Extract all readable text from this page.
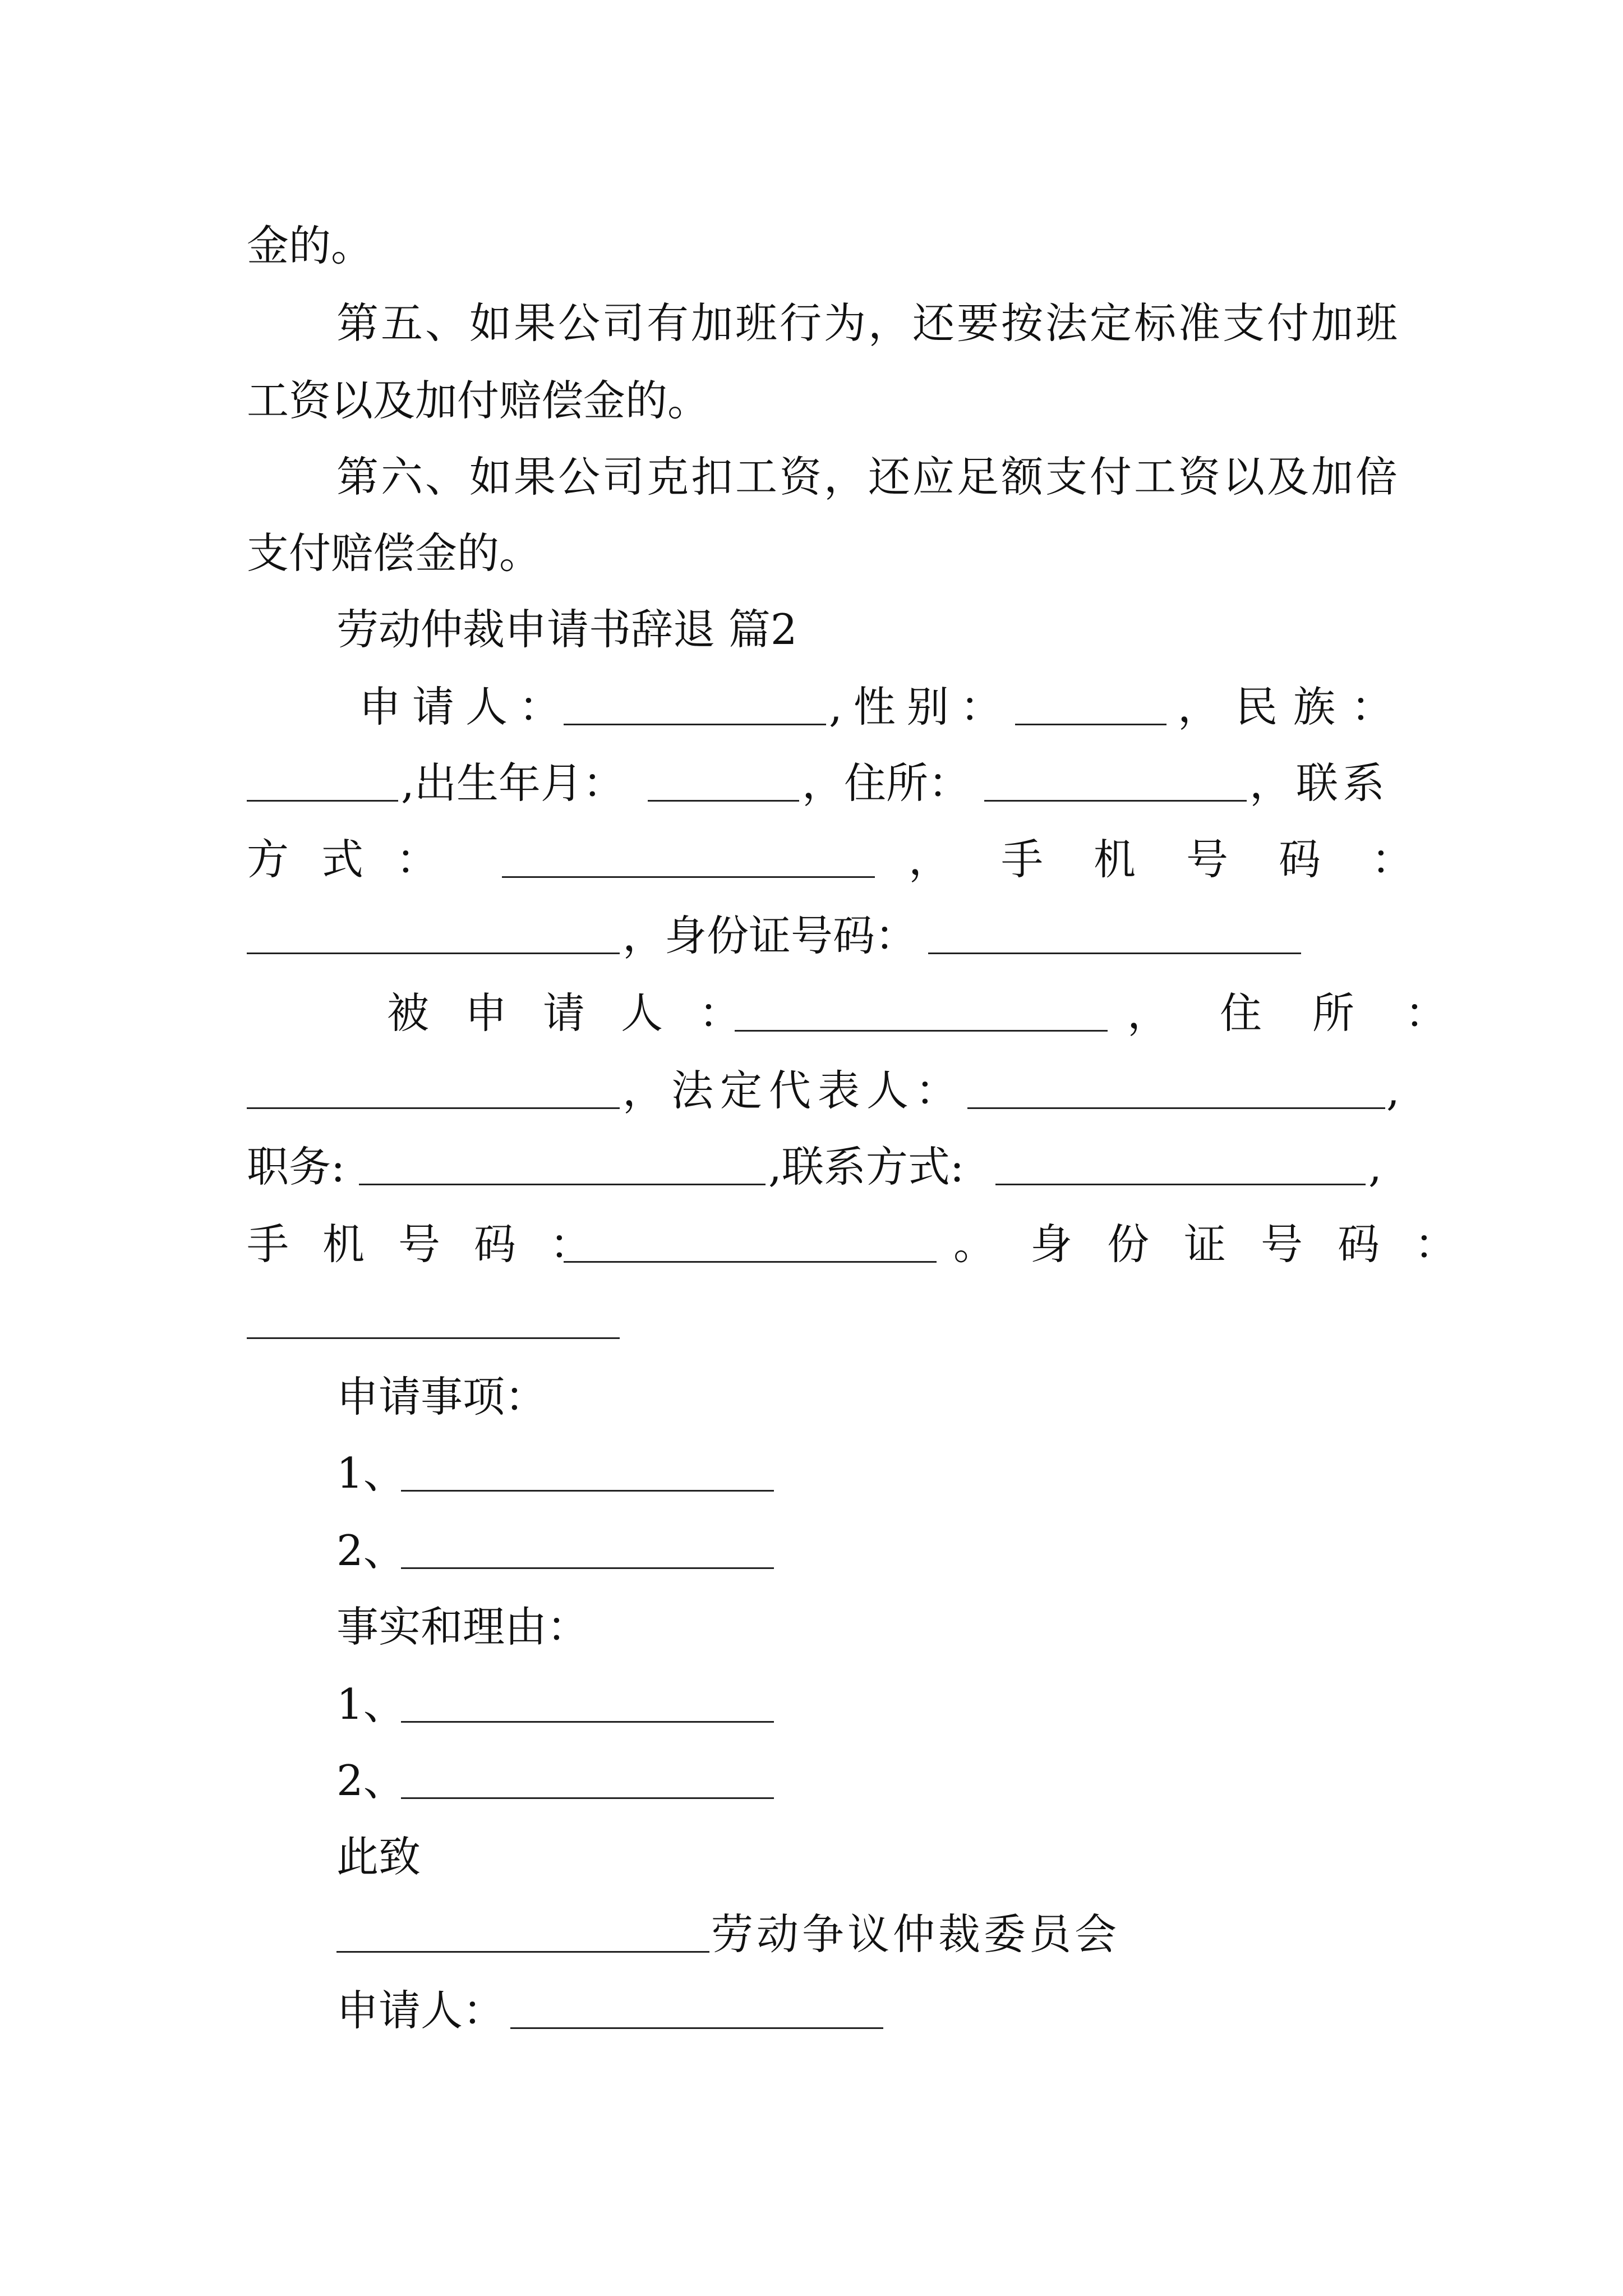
金的。
第五、如果公司有加班行为，还要按法定标准支付加班
工资以及加付赔偿金的。
第六、如果公司克扣工资，还应足额支付工资以及加倍
支付赔偿金的。
劳动仲裁申请书辞退 篇2
申请人：	,性别：	，民族：
,出生年月：	，住所：	，联系
方式：	，手机号码：
，身份证号码：
被申请人：	，住所：
，法定代表人：	,
职务:	,联系方式:	,
手机号码：	。身份证号码：
申请事项：
1、
2、
事实和理由：
1、
2、
此致
劳动争议仲裁委员会
申请人：
